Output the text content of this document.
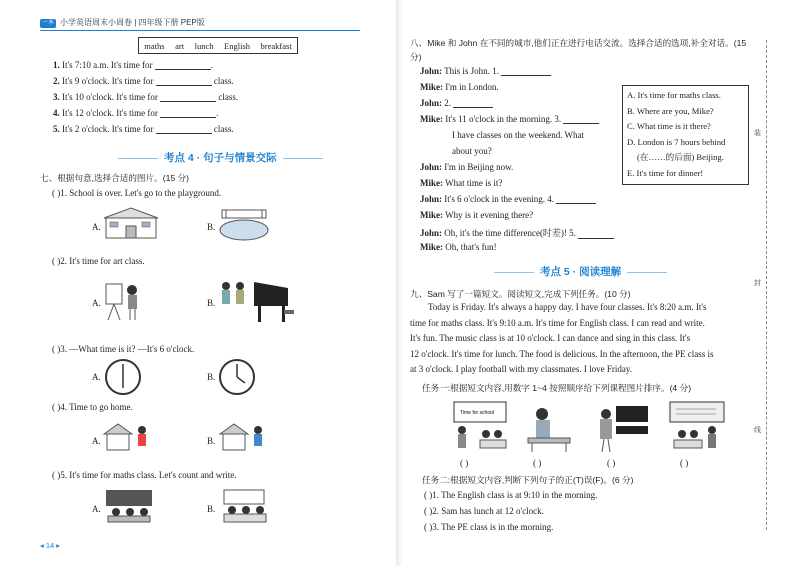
一本 小学英语周末小周卷 | 四年级下册 PEP版
maths art lunch English breakfast
1. It's 7:10 a.m. It's time for	.
2. It's 9 o'clock. It's time for	class.
3. It's 10 o'clock. It's time for	class.
4. It's 12 o'clock. It's time for	.
5. It's 2 o'clock. It's time for	class.
考点 4 · 句子与情景交际
七、根据句意,选择合适的图片。(15 分)
( )1. School is over. Let's go to the playground.
A.	B.
( )2. It's time for art class.
A.	B.
( )3. —What time is it? —It's 6 o'clock.
A.	B.
( )4. Time to go home.
A.	B.
( )5. It's time for maths class. Let's count and write.
A.	B.
◂ 14 ▸
八、Mike 和 John 在不同的城市,他们正在进行电话交流。选择合适的选项,补全对话。(15 分)
John: This is John. 1.
Mike: I'm in London.
John: 2.
Mike: It's 11 o'clock in the morning. 3.
I have classes on the weekend. What
about you?
John: I'm in Beijing now.
Mike: What time is it?
John: It's 6 o'clock in the evening. 4.
Mike: Why is it evening there?
John: Oh, it's the time difference(时差)! 5.
Mike: Oh, that's fun!
A. It's time for maths class.
B. Where are you, Mike?
C. What time is it there?
D. London is 7 hours behind
(在……的后面) Beijing.
E. It's time for dinner!
考点 5 · 阅读理解
九、Sam 写了一篇短文。阅读短文,完成下列任务。(10 分)
Today is Friday. It's always a happy day. I have four classes. It's 8:20 a.m. It's
time for maths class. It's 9:10 a.m. It's time for English class. I can read and write.
It's fun. The music class is at 10 o'clock. I can dance and sing in this class. It's
12 o'clock. It's time for lunch. The food is delicious. In the afternoon, the PE class is
at 3 o'clock. I play football with my classmates. I love Friday.
任务一:根据短文内容,用数字 1~4 按照顺序给下列课程图片排序。(4 分)
Time for school
( )	( )	( )	( )
任务二:根据短文内容,判断下列句子的正(T)误(F)。(6 分)
( )1. The English class is at 9:10 in the morning.
( )2. Sam has lunch at 12 o'clock.
( )3. The PE class is in the morning.
装
封
线
